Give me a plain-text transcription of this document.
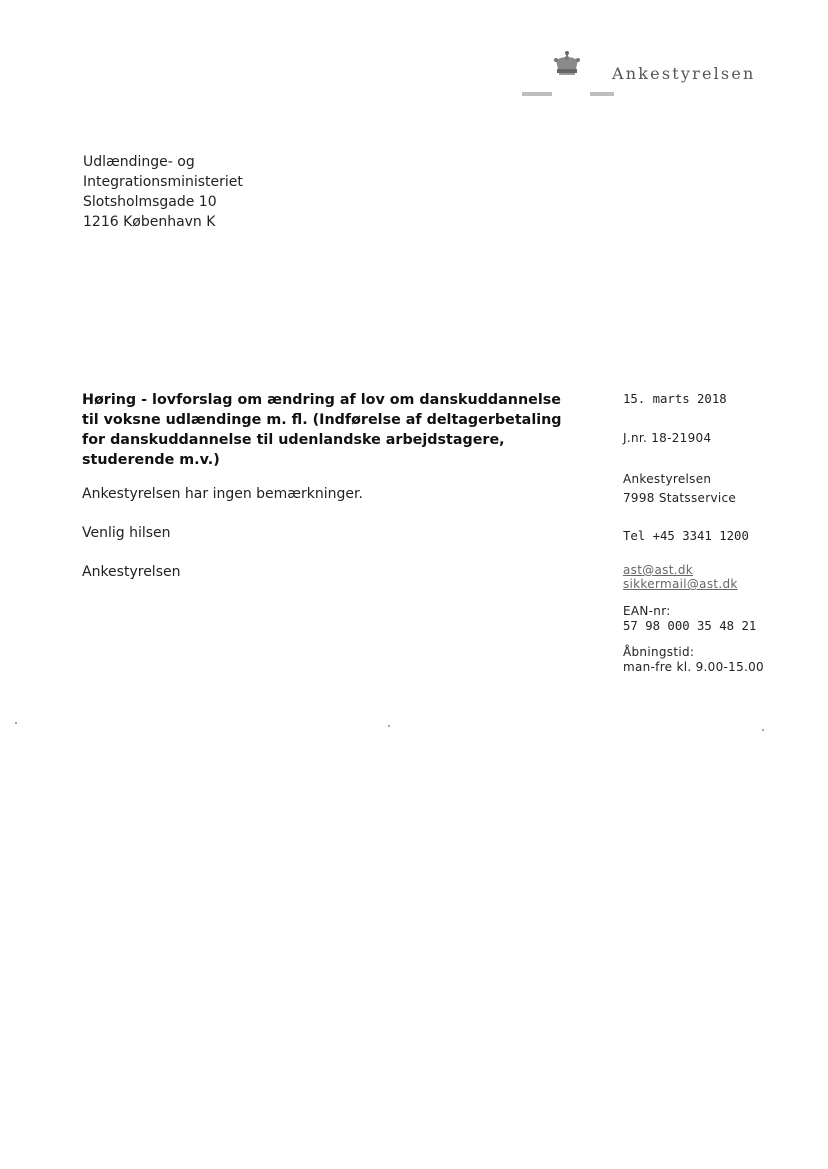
Ankestyrelsen
Udlændinge- og
Integrationsministeriet
Slotsholmsgade 10
1216 København K
Høring - lovforslag om ændring af lov om danskuddannelse til voksne udlændinge m. fl. (Indførelse af deltagerbetaling for danskuddannelse til udenlandske arbejdstagere, studerende m.v.)
Ankestyrelsen har ingen bemærkninger.
Venlig hilsen
Ankestyrelsen
15. marts 2018
J.nr. 18-21904
Ankestyrelsen
7998 Statsservice
Tel +45 3341 1200
ast@ast.dk
sikkermail@ast.dk
EAN-nr:
57 98 000 35 48 21
Åbningstid:
man-fre kl. 9.00-15.00
